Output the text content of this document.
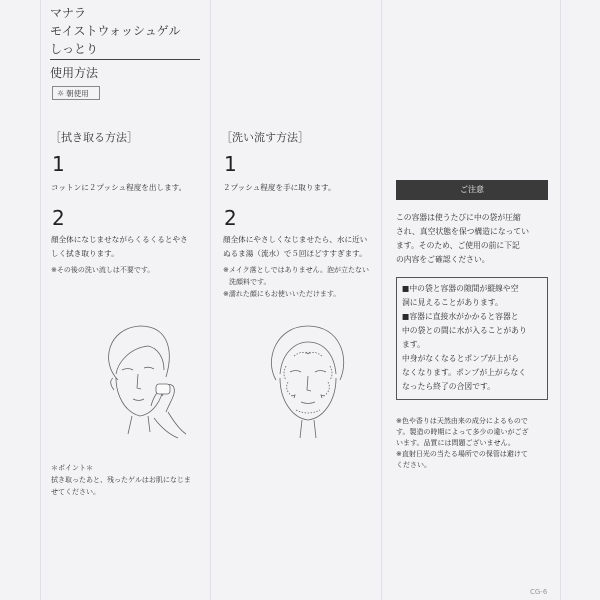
マナラ
モイストウォッシュゲル
しっとり
使用方法
☼ 朝使用
［拭き取る方法］
1
コットンに２プッシュ程度を出します。
2
顔全体になじませながらくるくるとやさ
しく拭き取ります。
※その後の洗い流しは不要です。
＊ポイント＊
拭き取ったあと、残ったゲルはお肌になじま
せてください。
［洗い流す方法］
1
２プッシュ程度を手に取ります。
2
顔全体にやさしくなじませたら、水に近い
ぬるま湯（流水）で５回ほどすすぎます。
※メイク落としではありません。泡が立たない
洗顔料です。
※濡れた顔にもお使いいただけます。
ご注意
この容器は使うたびに中の袋が圧縮
され、真空状態を保つ構造になってい
ます。そのため、ご使用の前に下記
の内容をご確認ください。
■中の袋と容器の隙間が縦線や空
洞に見えることがあります。
■容器に直接水がかかると容器と
中の袋との間に水が入ることがあり
ます。
中身がなくなるとポンプが上がら
なくなります。ポンプが上がらなく
なったら終了の合図です。
※色や香りは天然由来の成分によるもので
す。製造の時期によって多少の違いがござ
います。品質には問題ございません。
※直射日光の当たる場所での保管は避けて
ください。
CG-6
